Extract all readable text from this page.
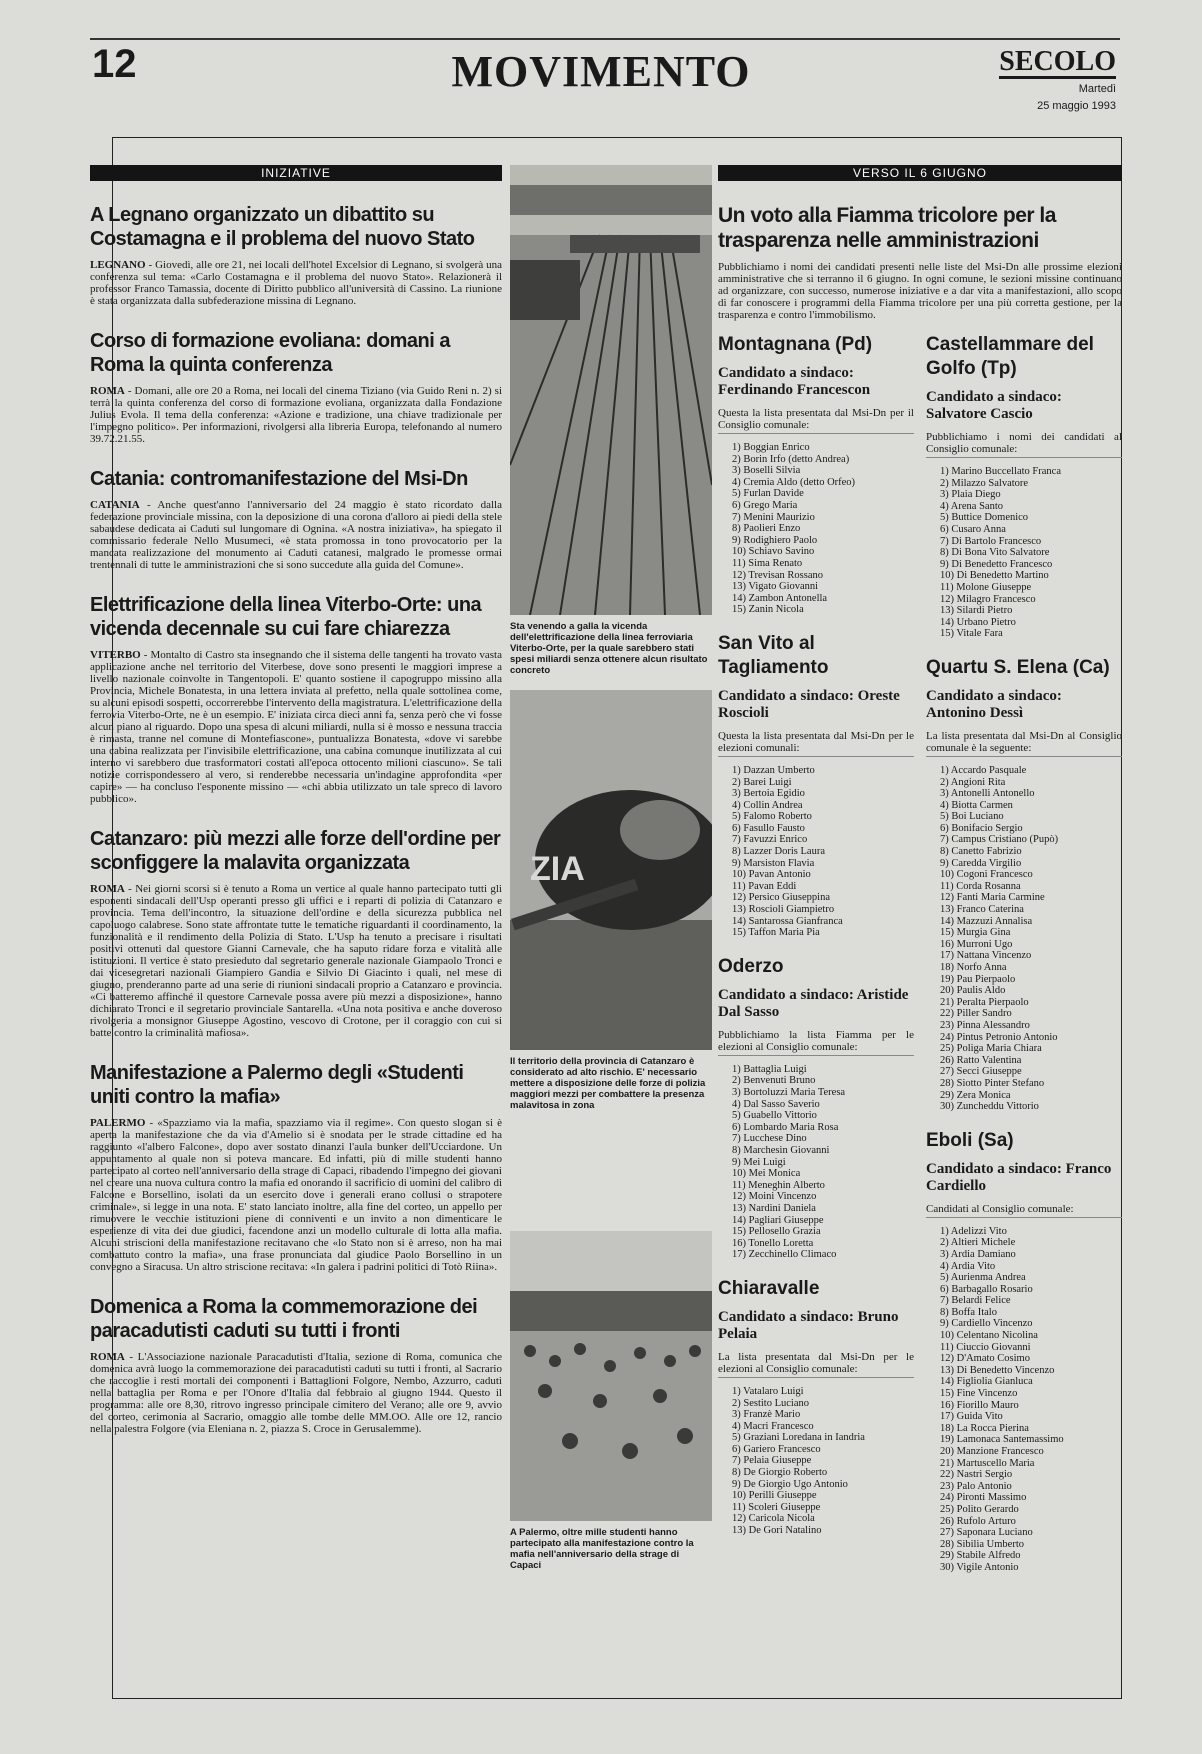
12	MOVIMENTO	SECOLO
Martedì
25 maggio 1993
INIZIATIVE
A Legnano organizzato un dibattito su Costamagna e il problema del nuovo Stato
LEGNANO - Giovedì, alle ore 21, nei locali dell'hotel Excelsior di Legnano, si svolgerà una conferenza sul tema: «Carlo Costamagna e il problema del nuovo Stato». Relazionerà il professor Franco Tamassia, docente di Diritto pubblico all'università di Cassino. La riunione è stata organizzata dalla subfederazione missina di Legnano.
Corso di formazione evoliana: domani a Roma la quinta conferenza
ROMA - Domani, alle ore 20 a Roma, nei locali del cinema Tiziano (via Guido Reni n. 2) si terrà la quinta conferenza del corso di formazione evoliana, organizzata dalla Fondazione Julius Evola. Il tema della conferenza: «Azione e tradizione, una chiave tradizionale per l'impegno politico». Per informazioni, rivolgersi alla libreria Europa, telefonando al numero 39.72.21.55.
Catania: contromanifestazione del Msi-Dn
CATANIA - Anche quest'anno l'anniversario del 24 maggio è stato ricordato dalla federazione provinciale missina, con la deposizione di una corona d'alloro ai piedi della stele sabaudese dedicata ai Caduti sul lungomare di Ognina. «A nostra iniziativa», ha spiegato il commissario federale Nello Musumeci, «è stata promossa in tono provocatorio per la mancata realizzazione del monumento ai Caduti catanesi, malgrado le promesse ormai trentennali di tutte le amministrazioni che si sono succedute alla guida del Comune».
Elettrificazione della linea Viterbo-Orte: una vicenda decennale su cui fare chiarezza
VITERBO - Montalto di Castro sta insegnando che il sistema delle tangenti ha trovato vasta applicazione anche nel territorio del Viterbese, dove sono presenti le maggiori imprese a livello nazionale coinvolte in Tangentopoli. E' quanto sostiene il capogruppo missino alla Provincia, Michele Bonatesta, in una lettera inviata al prefetto, nella quale sottolinea come, su alcuni episodi sospetti, occorrerebbe l'intervento della magistratura. L'elettrificazione della ferrovia Viterbo-Orte, ne è un esempio. E' iniziata circa dieci anni fa, senza però che vi fosse alcun piano al riguardo. Dopo una spesa di alcuni miliardi, nulla si è mosso e nessuna traccia è rimasta, tranne nel comune di Montefiascone», puntualizza Bonatesta, «dove vi sarebbe una cabina realizzata per l'invisibile elettrificazione, una cabina comunque inutilizzata al cui interno vi sarebbero due trasformatori costati all'epoca ottocento milioni ciascuno». Se tali notizie corrispondessero al vero, si renderebbe necessaria un'indagine approfondita «per capire» — ha concluso l'esponente missino — «chi abbia utilizzato un tale spreco di lavoro pubblico».
Catanzaro: più mezzi alle forze dell'ordine per sconfiggere la malavita organizzata
ROMA - Nei giorni scorsi si è tenuto a Roma un vertice al quale hanno partecipato tutti gli esponenti sindacali dell'Usp operanti presso gli uffici e i reparti di polizia di Catanzaro e provincia. Tema dell'incontro, la situazione dell'ordine e della sicurezza pubblica nel capoluogo calabrese. Sono state affrontate tutte le tematiche riguardanti il coordinamento, la funzionalità e il rendimento della Polizia di Stato. L'Usp ha tenuto a precisare i risultati positivi ottenuti dal questore Gianni Carnevale, che ha saputo ridare forza e vitalità alle istituzioni. Il vertice è stato presieduto dal segretario generale nazionale Giampaolo Tronci e dai vicesegretari nazionali Giampiero Gandia e Silvio Di Giacinto i quali, nel mese di giugno, prenderanno parte ad una serie di riunioni sindacali proprio a Catanzaro e provincia. «Ci batteremo affinché il questore Carnevale possa avere più mezzi a disposizione», hanno dichiarato Tronci e il segretario provinciale Santarella. «Una nota positiva e anche doveroso rivolgeria a monsignor Giuseppe Agostino, vescovo di Crotone, per il coraggio con cui si batte contro la criminalità mafiosa».
Manifestazione a Palermo degli «Studenti uniti contro la mafia»
PALERMO - «Spazziamo via la mafia, spazziamo via il regime». Con questo slogan si è aperta la manifestazione che da via d'Amelio si è snodata per le strade cittadine ed ha raggiunto «l'albero Falcone», dopo aver sostato dinanzi l'aula bunker dell'Ucciardone. Un appuntamento al quale non si poteva mancare. Ed infatti, più di mille studenti hanno partecipato al corteo nell'anniversario della strage di Capaci, ribadendo l'impegno dei giovani nel creare una nuova cultura contro la mafia ed onorando il sacrificio di uomini del calibro di Falcone e Borsellino, isolati da un esercito dove i generali erano collusi o strapotere criminale», si legge in una nota. E' stato lanciato inoltre, alla fine del corteo, un appello per rimuovere le vecchie istituzioni piene di conniventi e un invito a non dimenticare le esperienze di vita dei due giudici, facendone anzi un modello culturale di lotta alla mafia. Alcuni striscioni della manifestazione recitavano che «lo Stato non si è arreso, non ha mai combattuto contro la mafia», una frase pronunciata dal giudice Paolo Borsellino in un convegno a Siracusa. Un altro striscione recitava: «In galera i padrini politici di Totò Riina».
Domenica a Roma la commemorazione dei paracadutisti caduti su tutti i fronti
ROMA - L'Associazione nazionale Paracadutisti d'Italia, sezione di Roma, comunica che domenica avrà luogo la commemorazione dei paracadutisti caduti su tutti i fronti, al Sacrario che raccoglie i resti mortali dei componenti i Battaglioni Folgore, Nembo, Azzurro, caduti nella battaglia per Roma e per l'Onore d'Italia dal febbraio al giugno 1944. Questo il programma: alle ore 8,30, ritrovo ingresso principale cimitero del Verano; alle ore 9, avvio del corteo, cerimonia al Sacrario, omaggio alle tombe delle MM.OO. Alle ore 12, rancio nella palestra Folgore (via Eleniana n. 2, piazza S. Croce in Gerusalemme).
Sta venendo a galla la vicenda dell'elettrificazione della linea ferroviaria Viterbo-Orte, per la quale sarebbero stati spesi miliardi senza ottenere alcun risultato concreto
ZIA
Il territorio della provincia di Catanzaro è considerato ad alto rischio. E' necessario mettere a disposizione delle forze di polizia maggiori mezzi per combattere la presenza malavitosa in zona
A Palermo, oltre mille studenti hanno partecipato alla manifestazione contro la mafia nell'anniversario della strage di Capaci
VERSO IL 6 GIUGNO
Un voto alla Fiamma tricolore per la trasparenza nelle amministrazioni
Pubblichiamo i nomi dei candidati presenti nelle liste del Msi-Dn alle prossime elezioni amministrative che si terranno il 6 giugno. In ogni comune, le sezioni missine continuano ad organizzare, con successo, numerose iniziative e a dar vita a manifestazioni, allo scopo di far conoscere i programmi della Fiamma tricolore per una più corretta gestione, per la trasparenza e contro l'immobilismo.
Montagnana (Pd)
Candidato a sindaco: Ferdinando Francescon
Questa la lista presentata dal Msi-Dn per il Consiglio comunale:
1) Boggian Enrico
2) Borin Irfo (detto Andrea)
3) Boselli Silvia
4) Cremia Aldo (detto Orfeo)
5) Furlan Davide
6) Grego Maria
7) Menini Maurizio
8) Paolieri Enzo
9) Rodighiero Paolo
10) Schiavo Savino
11) Sima Renato
12) Trevisan Rossano
13) Vigato Giovanni
14) Zambon Antonella
15) Zanin Nicola
San Vito al Tagliamento
Candidato a sindaco: Oreste Roscioli
Questa la lista presentata dal Msi-Dn per le elezioni comunali:
1) Dazzan Umberto
2) Barei Luigi
3) Bertoia Egidio
4) Collin Andrea
5) Falomo Roberto
6) Fasullo Fausto
7) Favuzzi Enrico
8) Lazzer Doris Laura
9) Marsiston Flavia
10) Pavan Antonio
11) Pavan Eddi
12) Persico Giuseppina
13) Roscioli Giampietro
14) Santarossa Gianfranca
15) Taffon Maria Pia
Oderzo
Candidato a sindaco: Aristide Dal Sasso
Pubblichiamo la lista Fiamma per le elezioni al Consiglio comunale:
1) Battaglia Luigi
2) Benvenuti Bruno
3) Bortoluzzi Maria Teresa
4) Dal Sasso Saverio
5) Guabello Vittorio
6) Lombardo Maria Rosa
7) Lucchese Dino
8) Marchesin Giovanni
9) Mei Luigi
10) Mei Monica
11) Meneghin Alberto
12) Moini Vincenzo
13) Nardini Daniela
14) Pagliari Giuseppe
15) Pellosello Grazia
16) Tonello Loretta
17) Zecchinello Climaco
Chiaravalle
Candidato a sindaco: Bruno Pelaia
La lista presentata dal Msi-Dn per le elezioni al Consiglio comunale:
1) Vatalaro Luigi
2) Sestito Luciano
3) Franzè Mario
4) Macri Francesco
5) Graziani Loredana in Iandria
6) Gariero Francesco
7) Pelaia Giuseppe
8) De Giorgio Roberto
9) De Giorgio Ugo Antonio
10) Perilli Giuseppe
11) Scoleri Giuseppe
12) Caricola Nicola
13) De Gori Natalino
Castellammare del Golfo (Tp)
Candidato a sindaco: Salvatore Cascio
Pubblichiamo i nomi dei candidati al Consiglio comunale:
1) Marino Buccellato Franca
2) Milazzo Salvatore
3) Plaia Diego
4) Arena Santo
5) Buttice Domenico
6) Cusaro Anna
7) Di Bartolo Francesco
8) Di Bona Vito Salvatore
9) Di Benedetto Francesco
10) Di Benedetto Martino
11) Molone Giuseppe
12) Milagro Francesco
13) Silardi Pietro
14) Urbano Pietro
15) Vitale Fara
Quartu S. Elena (Ca)
Candidato a sindaco: Antonino Dessì
La lista presentata dal Msi-Dn al Consiglio comunale è la seguente:
1) Accardo Pasquale
2) Angioni Rita
3) Antonelli Antonello
4) Biotta Carmen
5) Boi Luciano
6) Bonifacio Sergio
7) Campus Cristiano (Pupò)
8) Canetto Fabrizio
9) Caredda Virgilio
10) Cogoni Francesco
11) Corda Rosanna
12) Fanti Maria Carmine
13) Franco Caterina
14) Mazzuzi Annalisa
15) Murgia Gina
16) Murroni Ugo
17) Nattana Vincenzo
18) Norfo Anna
19) Pau Pierpaolo
20) Paulis Aldo
21) Peralta Pierpaolo
22) Piller Sandro
23) Pinna Alessandro
24) Pintus Petronio Antonio
25) Poliga Maria Chiara
26) Ratto Valentina
27) Secci Giuseppe
28) Siotto Pinter Stefano
29) Zera Monica
30) Zuncheddu Vittorio
Eboli (Sa)
Candidato a sindaco: Franco Cardiello
Candidati al Consiglio comunale:
1) Adelizzi Vito
2) Altieri Michele
3) Ardia Damiano
4) Ardia Vito
5) Aurienma Andrea
6) Barbagallo Rosario
7) Belardi Felice
8) Boffa Italo
9) Cardiello Vincenzo
10) Celentano Nicolina
11) Ciuccio Giovanni
12) D'Amato Cosimo
13) Di Benedetto Vincenzo
14) Figliolia Gianluca
15) Fine Vincenzo
16) Fiorillo Mauro
17) Guida Vito
18) La Rocca Pierina
19) Lamonaca Santemassimo
20) Manzione Francesco
21) Martuscello Maria
22) Nastri Sergio
23) Palo Antonio
24) Pironti Massimo
25) Polito Gerardo
26) Rufolo Arturo
27) Saponara Luciano
28) Sibilia Umberto
29) Stabile Alfredo
30) Vigile Antonio
